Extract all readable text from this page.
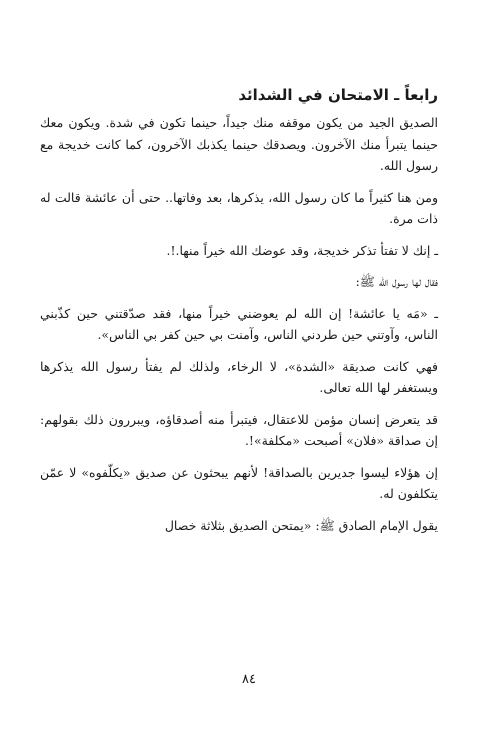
رابعاً ـ الامتحان في الشدائد

الصديق الجيد من يكون موقفه منك جيداً، حينما تكون في شدة. ويكون معك حينما يتبرأ منك الآخرون. ويصدقك حينما يكذبك الآخرون، كما كانت خديجة مع رسول الله.

ومن هنا كثيراً ما كان رسول الله، يذكرها، بعد وفاتها.. حتى أن عائشة قالت له ذات مرة.

ـ إنك لا تفتأ تذكر خديجة، وقد عوضك الله خيراً منها.!.

فقال لها رسول الله ﷺ:

ـ «مَه يا عائشة! إن الله لم يعوضني خيراً منها، فقد صدّقتني حين كذّبني الناس، وآوتني حين طردني الناس، وآمنت بي حين كفر بي الناس».

فهي كانت صديقة «الشدة»، لا الرخاء، ولذلك لم يفتأ رسول الله يذكرها ويستغفر لها الله تعالى.

قد يتعرض إنسان مؤمن للاعتقال، فيتبرأ منه أصدقاؤه، ويبررون ذلك بقولهم: إن صداقة «فلان» أصبحت «مكلفة»!.

إن هؤلاء ليسوا جديرين بالصداقة! لأنهم يبحثون عن صديق «يكلّفوه» لا عمّن يتكلفون له.

يقول الإمام الصادق ﷺ: «يمتحن الصديق بثلاثة خصال

٨٤
